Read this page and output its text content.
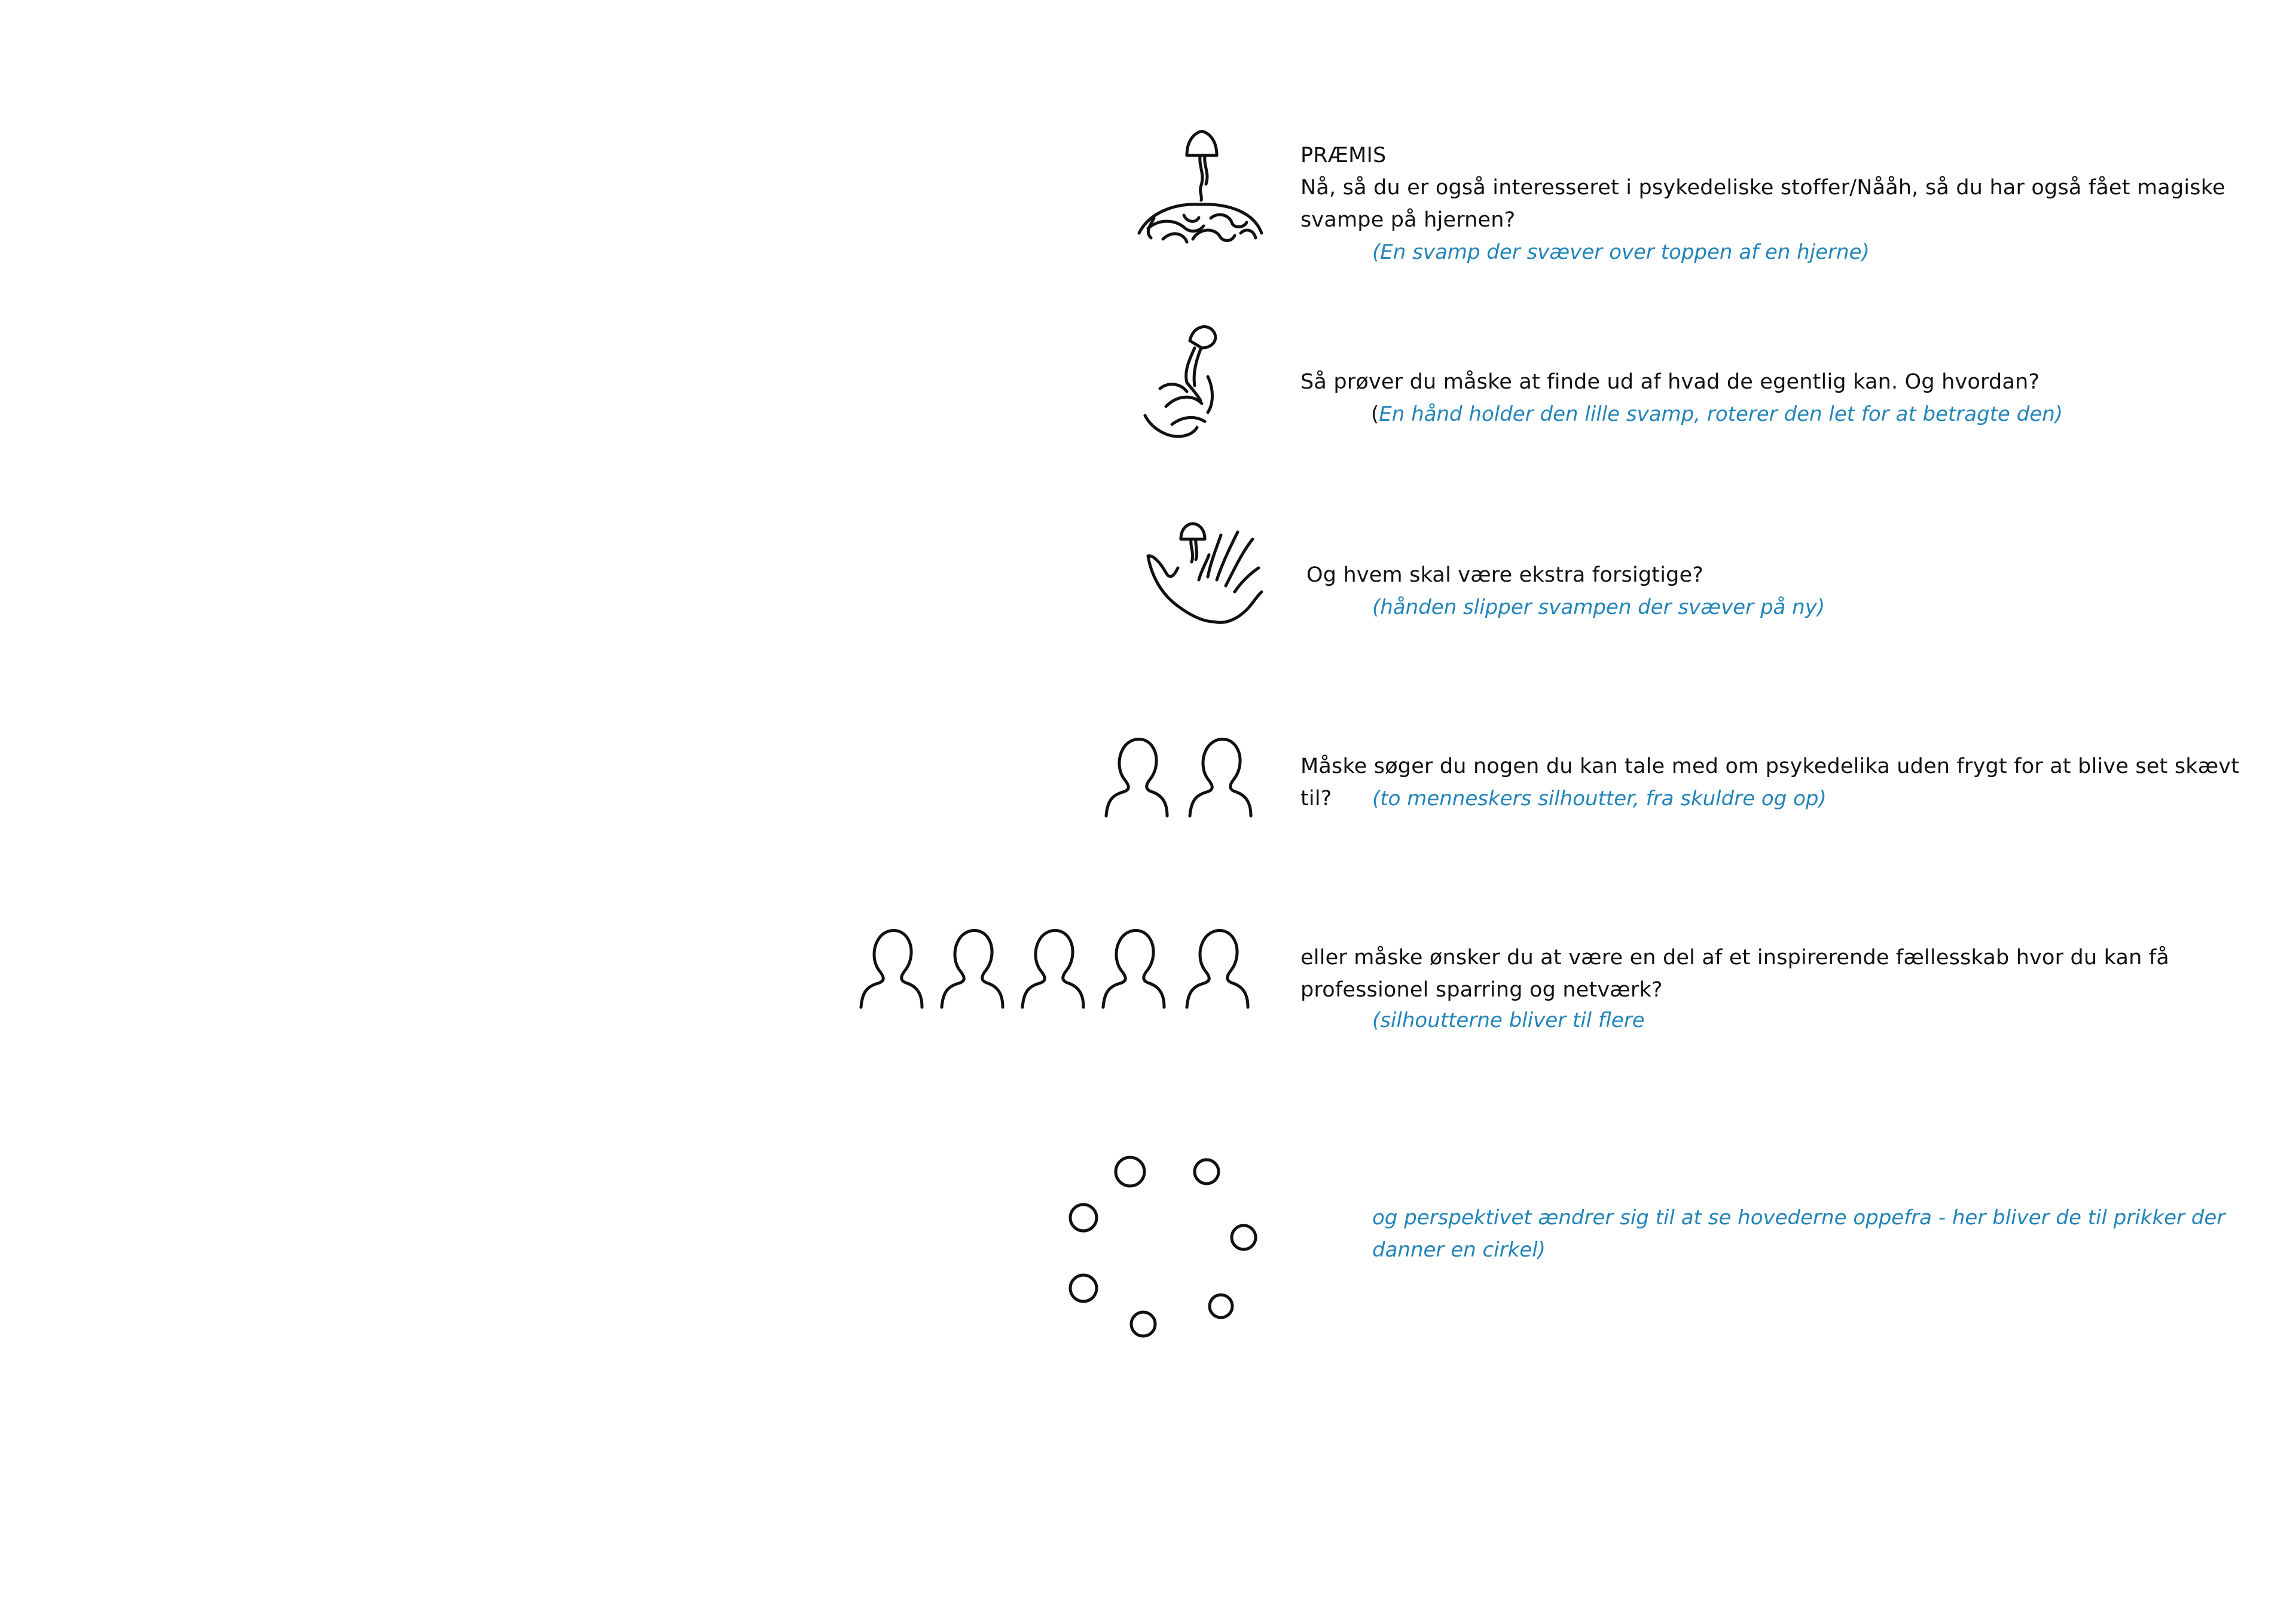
PRÆMIS
Nå, så du er også interesseret i psykedeliske stoffer/Nååh, så du har også fået magiske svampe på hjernen?
(En svamp der svæver over toppen af en hjerne)
Så prøver du måske at finde ud af hvad de egentlig kan. Og hvordan?
(En hånd holder den lille svamp, roterer den let for at betragte den)
Og hvem skal være ekstra forsigtige?
(hånden slipper svampen der svæver på ny)
Måske søger du nogen du kan tale med om psykedelika uden frygt for at blive set skævt til?	(to menneskers silhoutter, fra skuldre og op)
eller måske ønsker du at være en del af et inspirerende fællesskab hvor du kan få professionel sparring og netværk?
(silhoutterne bliver til flere
og perspektivet ændrer sig til at se hovederne oppefra - her bliver de til prikker der danner en cirkel)
